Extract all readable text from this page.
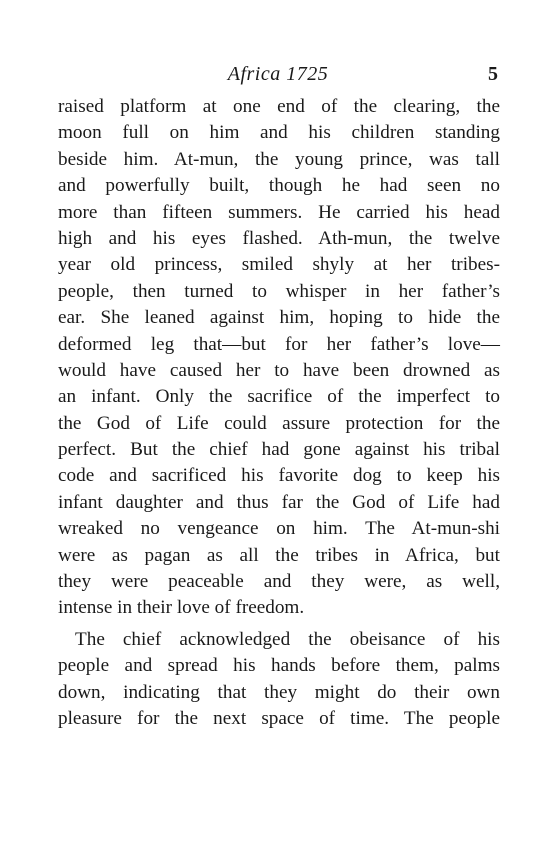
Africa 1725	5
raised platform at one end of the clearing, the
moon full on him and his children standing
beside him. At-mun, the young prince, was tall
and powerfully built, though he had seen no
more than fifteen summers. He carried his head
high and his eyes flashed. Ath-mun, the twelve
year old princess, smiled shyly at her tribes-
people, then turned to whisper in her father’s
ear. She leaned against him, hoping to hide the
deformed leg that—but for her father’s love—
would have caused her to have been drowned as
an infant. Only the sacrifice of the imperfect to
the God of Life could assure protection for the
perfect. But the chief had gone against his tribal
code and sacrificed his favorite dog to keep his
infant daughter and thus far the God of Life had
wreaked no vengeance on him. The At-mun-shi
were as pagan as all the tribes in Africa, but
they were peaceable and they were, as well,
intense in their love of freedom.
The chief acknowledged the obeisance of his
people and spread his hands before them, palms
down, indicating that they might do their own
pleasure for the next space of time. The people
